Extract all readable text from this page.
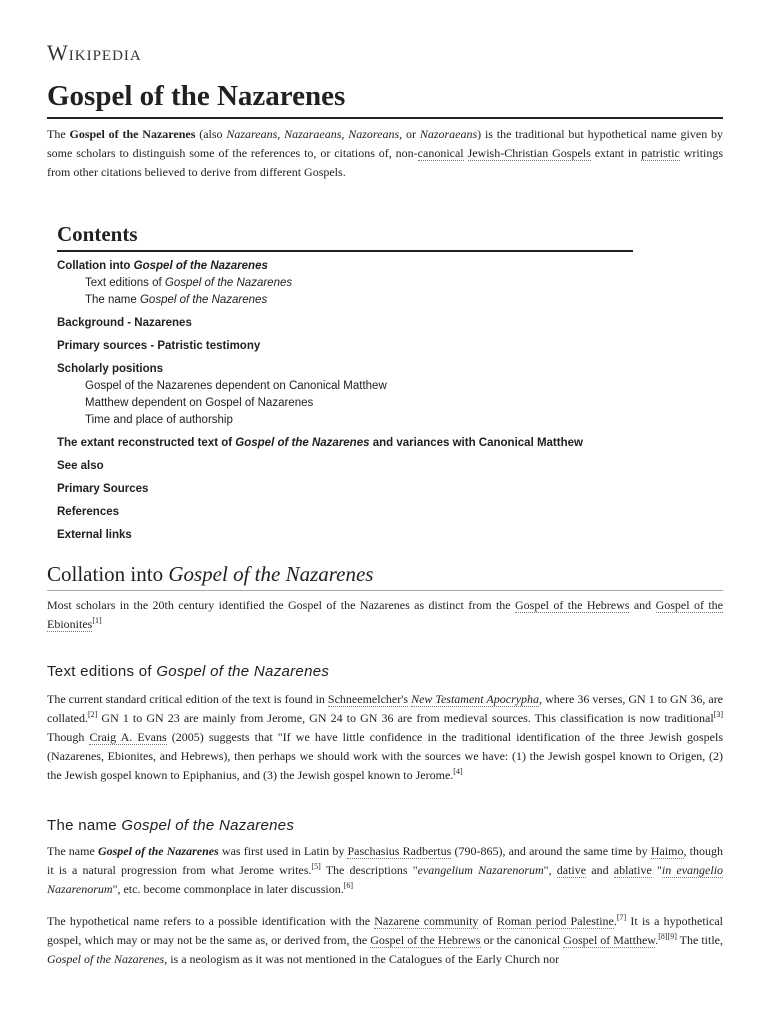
Wikipedia
Gospel of the Nazarenes

The Gospel of the Nazarenes (also Nazareans, Nazaraeans, Nazoreans, or Nazoraeans) is the traditional but hypothetical name given by some scholars to distinguish some of the references to, or citations of, non-canonical Jewish-Christian Gospels extant in patristic writings from other citations believed to derive from different Gospels.

Contents
Collation into Gospel of the Nazarenes
Text editions of Gospel of the Nazarenes
The name Gospel of the Nazarenes
Background - Nazarenes
Primary sources - Patristic testimony
Scholarly positions
Gospel of the Nazarenes dependent on Canonical Matthew
Matthew dependent on Gospel of Nazarenes
Time and place of authorship
The extant reconstructed text of Gospel of the Nazarenes and variances with Canonical Matthew
See also
Primary Sources
References
External links
Collation into Gospel of the Nazarenes

Most scholars in the 20th century identified the Gospel of the Nazarenes as distinct from the Gospel of the Hebrews and Gospel of the Ebionites[1]

Text editions of Gospel of the Nazarenes

The current standard critical edition of the text is found in Schneemelcher's New Testament Apocrypha, where 36 verses, GN 1 to GN 36, are collated.[2] GN 1 to GN 23 are mainly from Jerome, GN 24 to GN 36 are from medieval sources. This classification is now traditional[3] Though Craig A. Evans (2005) suggests that "If we have little confidence in the traditional identification of the three Jewish gospels (Nazarenes, Ebionites, and Hebrews), then perhaps we should work with the sources we have: (1) the Jewish gospel known to Origen, (2) the Jewish gospel known to Epiphanius, and (3) the Jewish gospel known to Jerome.[4]

The name Gospel of the Nazarenes

The name Gospel of the Nazarenes was first used in Latin by Paschasius Radbertus (790-865), and around the same time by Haimo, though it is a natural progression from what Jerome writes.[5] The descriptions "evangelium Nazarenorum", dative and ablative "in evangelio Nazarenorum", etc. become commonplace in later discussion.[6]

The hypothetical name refers to a possible identification with the Nazarene community of Roman period Palestine.[7] It is a hypothetical gospel, which may or may not be the same as, or derived from, the Gospel of the Hebrews or the canonical Gospel of Matthew.[8][9] The title, Gospel of the Nazarenes, is a neologism as it was not mentioned in the Catalogues of the Early Church nor
